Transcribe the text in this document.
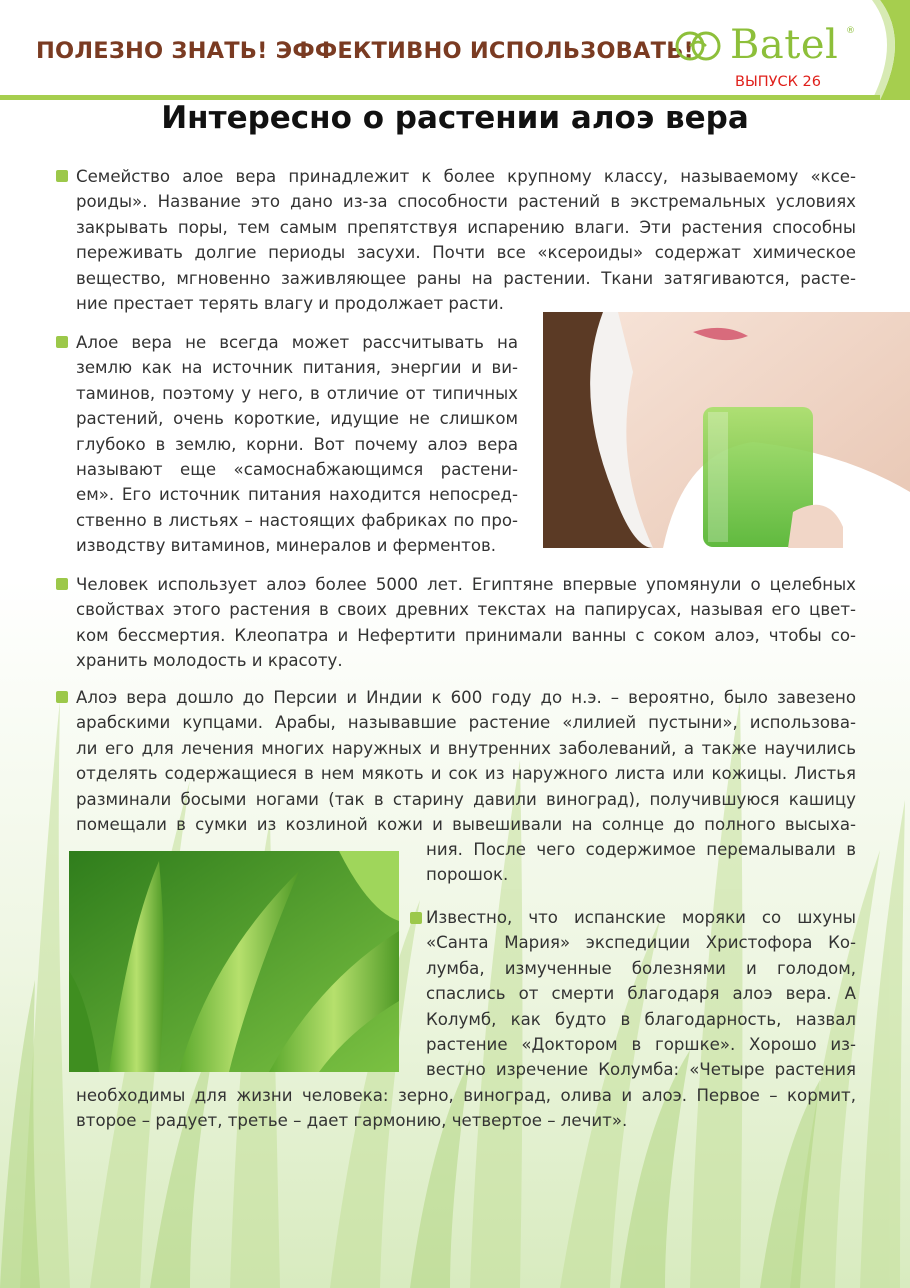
ПОЛЕЗНО ЗНАТЬ! ЭФФЕКТИВНО ИСПОЛЬЗОВАТЬ! Batel ®
ВЫПУСК 26
Интересно о растении алоэ вера
Семейство алое вера принадлежит к более крупному классу, называемому «ксе-
роиды». Название это дано из-за способности растений в экстремальных условиях
закрывать поры, тем самым препятствуя испарению влаги. Эти растения способны
переживать долгие периоды засухи. Почти все «ксероиды» содержат химическое
вещество, мгновенно заживляющее раны на растении. Ткани затягиваются, расте-
ние престает терять влагу и продолжает расти.
Алое вера не всегда может рассчитывать на
землю как на источник питания, энергии и ви-
таминов, поэтому у него, в отличие от типичных
растений, очень короткие, идущие не слишком
глубоко в землю, корни. Вот почему алоэ вера
называют еще «самоснабжающимся растени-
ем». Его источник питания находится непосред-
ственно в листьях – настоящих фабриках по про-
изводству витаминов, минералов и ферментов.
Человек использует алоэ более 5000 лет. Египтяне впервые упомянули о целебных
свойствах этого растения в своих древних текстах на папирусах, называя его цвет-
ком бессмертия. Клеопатра и Нефертити принимали ванны с соком алоэ, чтобы со-
хранить молодость и красоту.
Алоэ вера дошло до Персии и Индии к 600 году до н.э. – вероятно, было завезено
арабскими купцами. Арабы, называвшие растение «лилией пустыни», использова-
ли его для лечения многих наружных и внутренних заболеваний, а также научились
отделять содержащиеся в нем мякоть и сок из наружного листа или кожицы. Листья
разминали босыми ногами (так в старину давили виноград), получившуюся кашицу
помещали в сумки из козлиной кожи и вывешивали на солнце до полного высыха-
ния. После чего содержимое перемалывали в
порошок.
Известно, что испанские моряки со шхуны
«Санта Мария» экспедиции Христофора Ко-
лумба, измученные болезнями и голодом,
спаслись от смерти благодаря алоэ вера. А
Колумб, как будто в благодарность, назвал
растение «Доктором в горшке». Хорошо из-
вестно изречение Колумба: «Четыре растения
необходимы для жизни человека: зерно, виноград, олива и алоэ. Первое – кормит,
второе – радует, третье – дает гармонию, четвертое – лечит».
